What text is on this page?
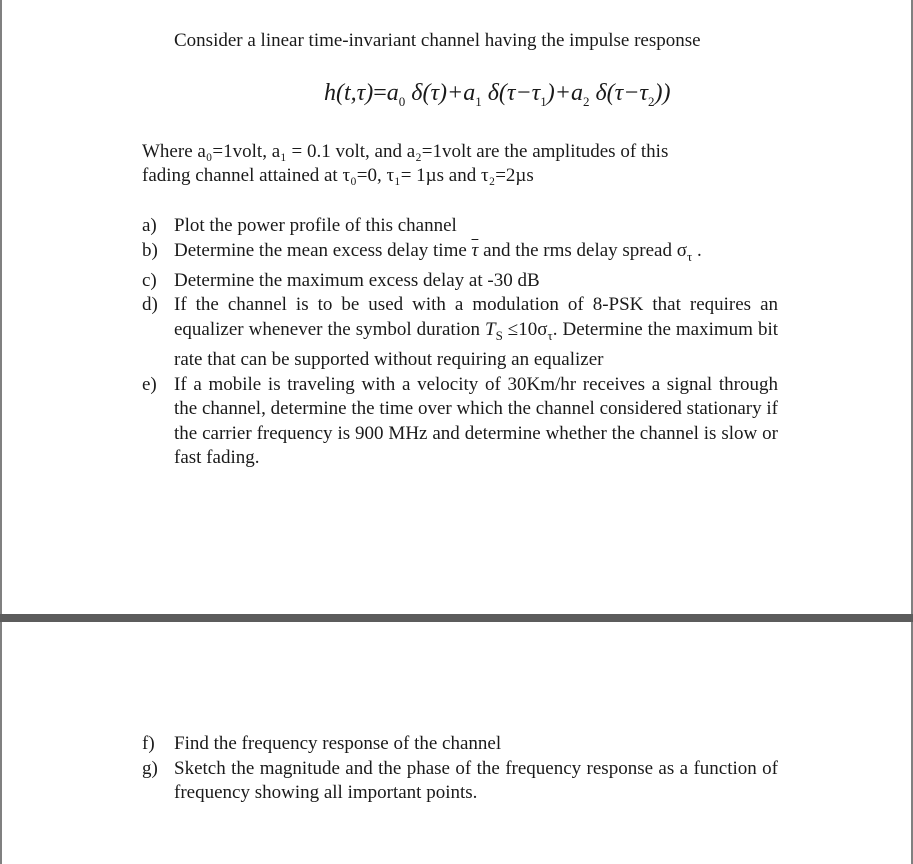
Consider a linear time-invariant channel having the impulse response
$h(t,\tau)=a_0$ $\delta(\tau)+a_1$ $\delta(\tau-\tau_1)+a_2$ $\delta(\tau-\tau_2)$)
Where a₀=1volt, a₁ = 0.1 volt, and a₂=1volt are the amplitudes of this
fading channel attained at τ₀=0, τ₁= 1µs and τ₂=2µs
a) Plot the power profile of this channel
b) Determine the mean excess delay time $\overline{\tau}$ and the rms delay spread $\sigma_\tau$ .
c) Determine the maximum excess delay at -30 dB
d) If the channel is to be used with a modulation of 8-PSK that requires an equalizer whenever the symbol duration $T_S \le 10\sigma_\tau$. Determine the maximum bit rate that can be supported without requiring an equalizer
e) If a mobile is traveling with a velocity of 30Km/hr receives a signal through the channel, determine the time over which the channel considered stationary if the carrier frequency is 900 MHz and determine whether the channel is slow or fast fading.
f)	Find the frequency response of the channel
g) Sketch the magnitude and the phase of the frequency response as a function of frequency showing all important points.
